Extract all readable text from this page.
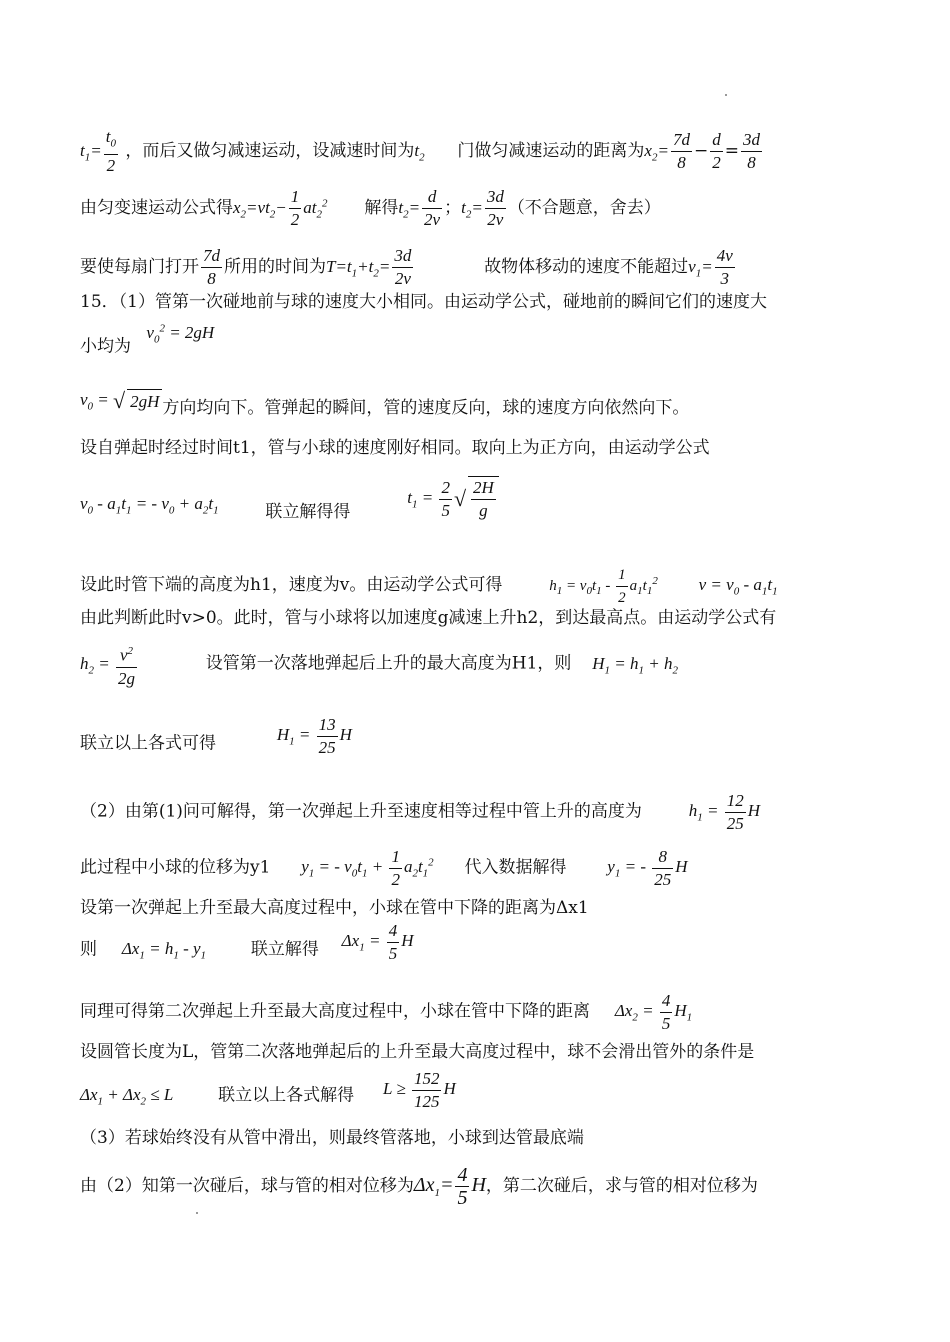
$t_1= \frac{t_0}{2}$ ，而后又做匀减速运动，设减速时间为$t_2$ 门做匀减速运动的距离为$x_2= \frac{7d}{8} - \frac{d}{2} = \frac{3d}{8}$
由匀变速运动公式得$x_2=vt_2- \frac{1}{2} at_2^2$ 解得$t_2= \frac{d}{2v}$ ；$t_2= \frac{3d}{2v}$ （不合题意，舍去）
要使每扇门打开 $\frac{7d}{8}$ 所用的时间为$T=t_1+t_2= \frac{3d}{2v}$	故物体移动的速度不能超过$v_1= \frac{4v}{3}$
15．（1）管第一次碰地前与球的速度大小相同。由运动学公式，碰地前的瞬间它们的速度大
小均为 $v_0^2 = 2gH$
$v_0$ = √ 2gH 方向均向下。管弹起的瞬间，管的速度反向，球的速度方向依然向下。
设自弹起时经过时间t1，管与小球的速度刚好相同。取向上为正方向，由运动学公式
$v_0 - a_1t_1$ = - $v_0 + a_2t_1$	联立解得得  $t_1 = \frac{2}{5}$ √ $\frac{2H}{g}$
设此时管下端的高度为h1，速度为v。由运动学公式可得	$h_1 = v_0t_1 - \frac{1}{2} a_1t_1^2$ $v = v_0 - a_1t_1$
由此判断此时v>0。此时，管与小球将以加速度g减速上升h2，到达最高点。由运动学公式有
$h_2 = \frac{v^2}{2g}$	设管第一次落地弹起后上升的最大高度为H1，则 $H_1 = h_1 + h_2$
联立以上各式可得	$H_1 = \frac{13}{25}$ H
（2）由第(1)问可解得，第一次弹起上升至速度相等过程中管上升的高度为	$h_1 = \frac{12}{25}$ H
此过程中小球的位移为y1 $y_1$ = - $v_0t_1 + \frac{1}{2} a_2t_1^2$ 代入数据解得 $y_1$ = - $\frac{8}{25}$ H
设第一次弹起上升至最大高度过程中，小球在管中下降的距离为Δx1
则 $\Delta x_1 = h_1 - y_1$	联立解得 $\Delta x_1 = \frac{4}{5}$ H
同理可得第二次弹起上升至最大高度过程中，小球在管中下降的距离 $\Delta x_2 = \frac{4}{5} H_1$
设圆管长度为L，管第二次落地弹起后的上升至最大高度过程中，球不会滑出管外的条件是
$\Delta x_1 + \Delta x_2 \le L$	联立以上各式解得 $L \ge \frac{152}{125}$ H
（3）若球始终没有从管中滑出，则最终管落地，小球到达管最底端
由（2）知第一次碰后，球与管的相对位移为$\Delta x_1= \frac{4}{5}$ H，第二次碰后，求与管的相对位移为
